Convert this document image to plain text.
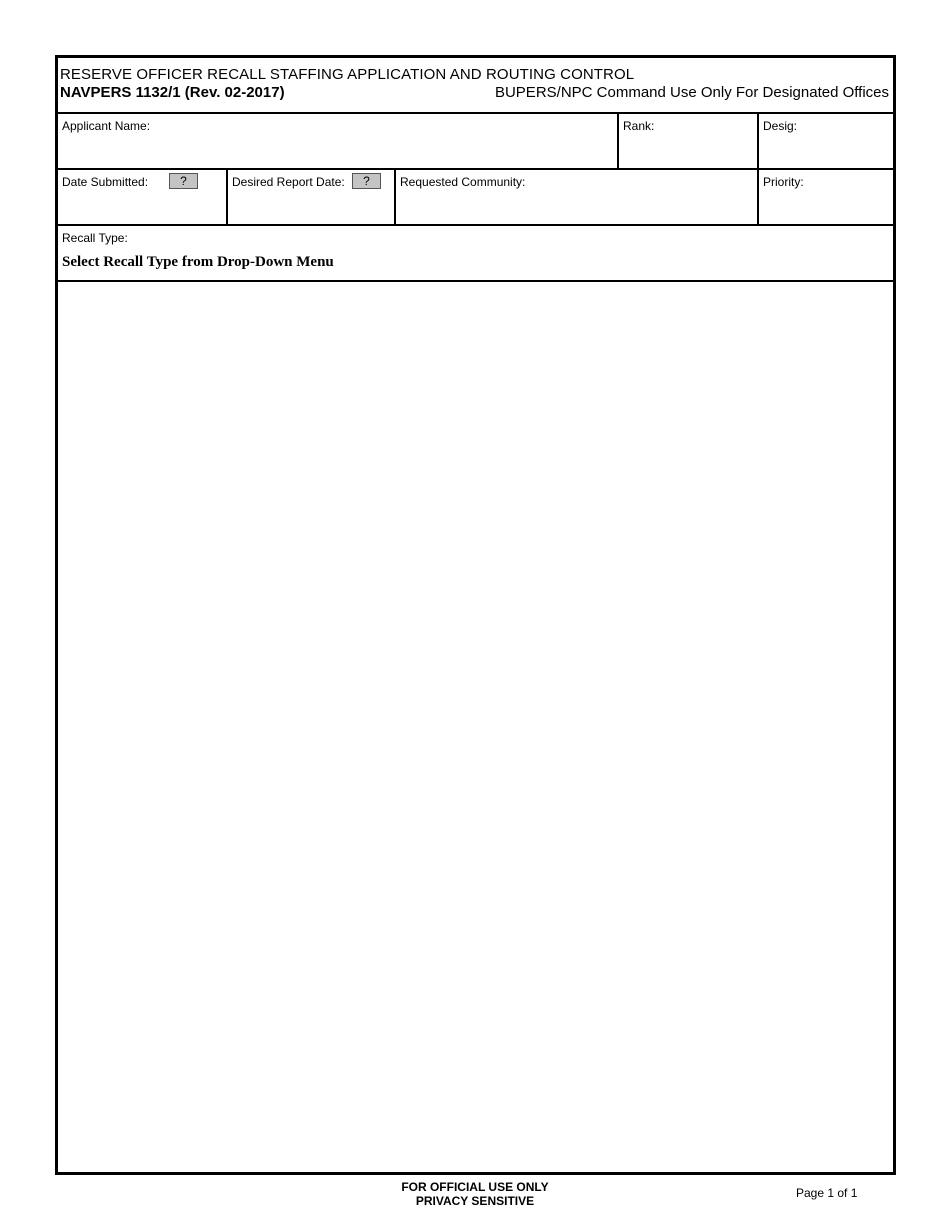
RESERVE OFFICER RECALL STAFFING APPLICATION AND ROUTING CONTROL
NAVPERS 1132/1 (Rev. 02-2017)	BUPERS/NPC Command Use Only For Designated Offices
Applicant Name:	Rank:	Desig:
Date Submitted:	?	Desired Report Date:	?	Requested Community:	Priority:
Recall Type:
Select Recall Type from Drop-Down Menu
FOR OFFICIAL USE ONLY
PRIVACY SENSITIVE
Page 1 of 1
